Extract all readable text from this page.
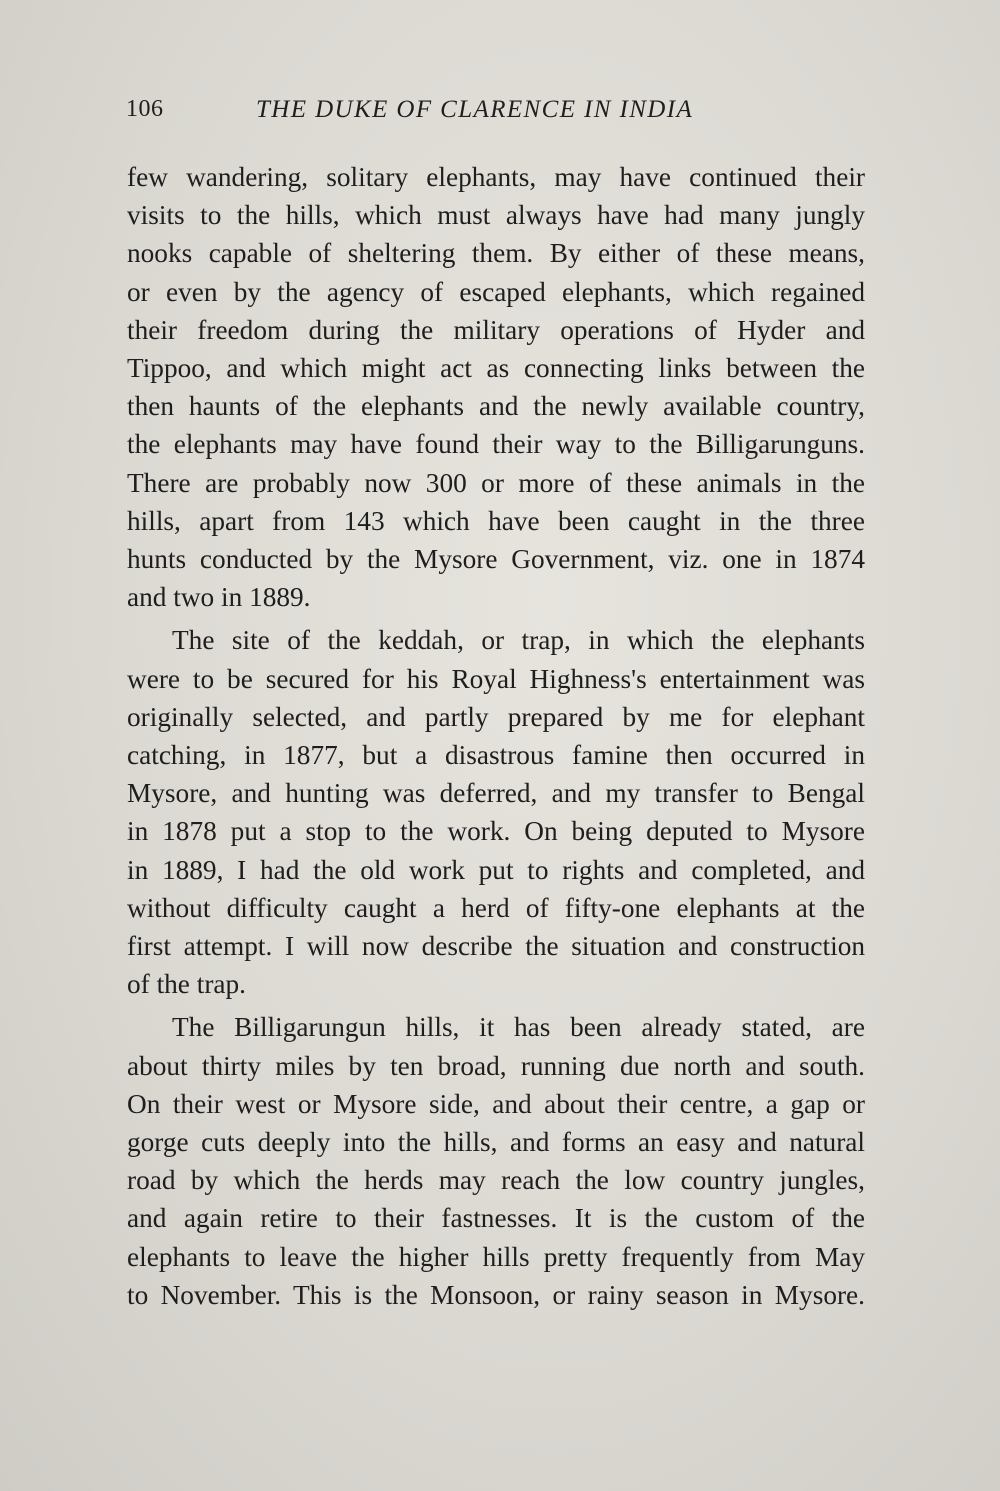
106	THE DUKE OF CLARENCE IN INDIA
few wandering, solitary elephants, may have continued their
visits to the hills, which must always have had many jungly
nooks capable of sheltering them. By either of these means,
or even by the agency of escaped elephants, which regained
their freedom during the military operations of Hyder and
Tippoo, and which might act as connecting links between the
then haunts of the elephants and the newly available country,
the elephants may have found their way to the Billigarunguns.
There are probably now 300 or more of these animals in the
hills, apart from 143 which have been caught in the three
hunts conducted by the Mysore Government, viz. one in 1874
and two in 1889.
The site of the keddah, or trap, in which the elephants
were to be secured for his Royal Highness's entertainment was
originally selected, and partly prepared by me for elephant
catching, in 1877, but a disastrous famine then occurred in
Mysore, and hunting was deferred, and my transfer to Bengal
in 1878 put a stop to the work. On being deputed to Mysore
in 1889, I had the old work put to rights and completed, and
without difficulty caught a herd of fifty-one elephants at the
first attempt. I will now describe the situation and construction
of the trap.
The Billigarungun hills, it has been already stated, are
about thirty miles by ten broad, running due north and south.
On their west or Mysore side, and about their centre, a gap or
gorge cuts deeply into the hills, and forms an easy and natural
road by which the herds may reach the low country jungles,
and again retire to their fastnesses. It is the custom of the
elephants to leave the higher hills pretty frequently from May
to November. This is the Monsoon, or rainy season in Mysore.
